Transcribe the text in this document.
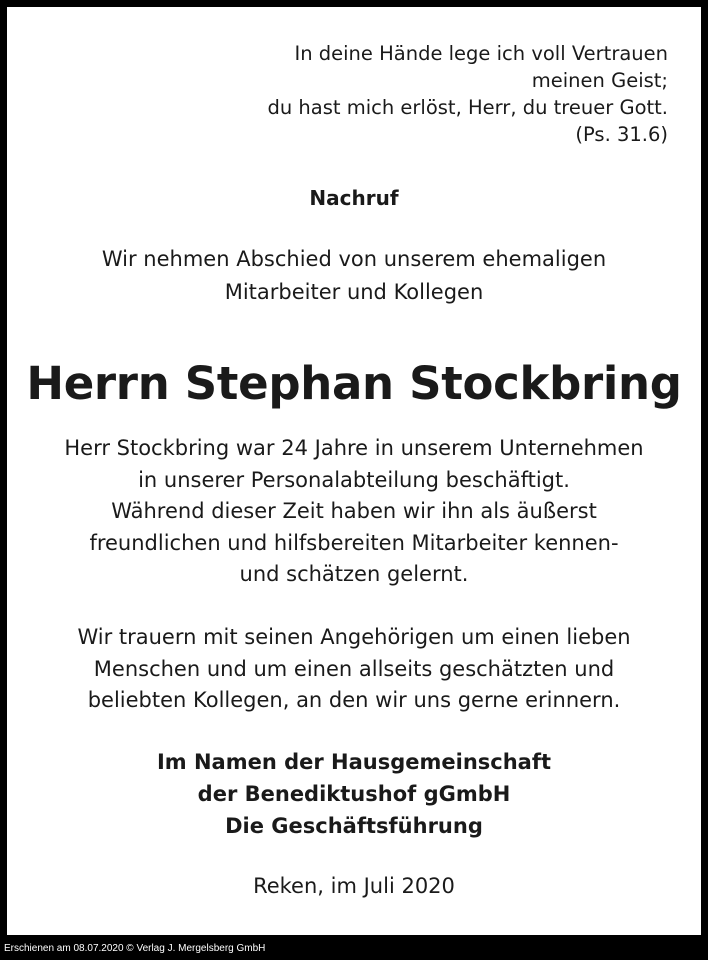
In deine Hände lege ich voll Vertrauen
meinen Geist;
du hast mich erlöst, Herr, du treuer Gott.
(Ps. 31.6)

Nachruf

Wir nehmen Abschied von unserem ehemaligen
Mitarbeiter und Kollegen

Herrn Stephan Stockbring

Herr Stockbring war 24 Jahre in unserem Unternehmen
in unserer Personalabteilung beschäftigt.
Während dieser Zeit haben wir ihn als äußerst
freundlichen und hilfsbereiten Mitarbeiter kennen-
und schätzen gelernt.

Wir trauern mit seinen Angehörigen um einen lieben
Menschen und um einen allseits geschätzten und
beliebten Kollegen, an den wir uns gerne erinnern.

Im Namen der Hausgemeinschaft
der Benediktushof gGmbH
Die Geschäftsführung

Reken, im Juli 2020

Erschienen am 08.07.2020 © Verlag J. Mergelsberg GmbH
